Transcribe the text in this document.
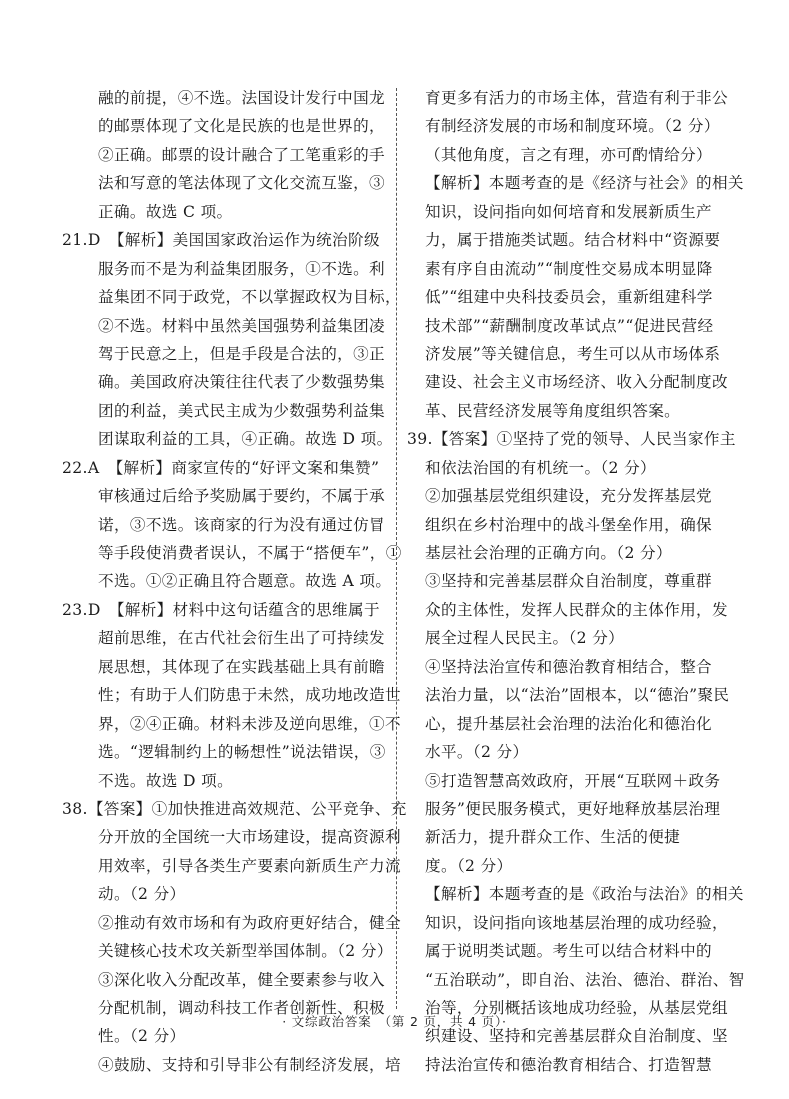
融的前提，④不选。法国设计发行中国龙
的邮票体现了文化是民族的也是世界的，
②正确。邮票的设计融合了工笔重彩的手
法和写意的笔法体现了文化交流互鉴，③
正确。故选 C 项。
21.D　【解析】美国国家政治运作为统治阶级
服务而不是为利益集团服务，①不选。利
益集团不同于政党，不以掌握政权为目标，
②不选。材料中虽然美国强势利益集团凌
驾于民意之上，但是手段是合法的，③正
确。美国政府决策往往代表了少数强势集
团的利益，美式民主成为少数强势利益集
团谋取利益的工具，④正确。故选 D 项。
22.A　【解析】商家宣传的“好评文案和集赞”
审核通过后给予奖励属于要约，不属于承
诺，③不选。该商家的行为没有通过仿冒
等手段使消费者误认，不属于“搭便车”，①
不选。①②正确且符合题意。故选 A 项。
23.D　【解析】材料中这句话蕴含的思维属于
超前思维，在古代社会衍生出了可持续发
展思想，其体现了在实践基础上具有前瞻
性；有助于人们防患于未然，成功地改造世
界，②④正确。材料未涉及逆向思维，①不
选。“逻辑制约上的畅想性”说法错误，③
不选。故选 D 项。
38.【答案】①加快推进高效规范、公平竞争、充
分开放的全国统一大市场建设，提高资源利
用效率，引导各类生产要素向新质生产力流
动。（2 分）
②推动有效市场和有为政府更好结合，健全
关键核心技术攻关新型举国体制。（2 分）
③深化收入分配改革，健全要素参与收入
分配机制，调动科技工作者创新性、积极
性。（2 分）
④鼓励、支持和引导非公有制经济发展，培
育更多有活力的市场主体，营造有利于非公
有制经济发展的市场和制度环境。（2 分）
（其他角度，言之有理，亦可酌情给分）
【解析】本题考查的是《经济与社会》的相关
知识，设问指向如何培育和发展新质生产
力，属于措施类试题。结合材料中“资源要
素有序自由流动”“制度性交易成本明显降
低”“组建中央科技委员会，重新组建科学
技术部”“薪酬制度改革试点”“促进民营经
济发展”等关键信息，考生可以从市场体系
建设、社会主义市场经济、收入分配制度改
革、民营经济发展等角度组织答案。
39.【答案】①坚持了党的领导、人民当家作主
和依法治国的有机统一。（2 分）
②加强基层党组织建设，充分发挥基层党
组织在乡村治理中的战斗堡垒作用，确保
基层社会治理的正确方向。（2 分）
③坚持和完善基层群众自治制度，尊重群
众的主体性，发挥人民群众的主体作用，发
展全过程人民民主。（2 分）
④坚持法治宣传和德治教育相结合，整合
法治力量，以“法治”固根本，以“德治”聚民
心，提升基层社会治理的法治化和德治化
水平。（2 分）
⑤打造智慧高效政府，开展“互联网＋政务
服务”便民服务模式，更好地释放基层治理
新活力，提升群众工作、生活的便捷
度。（2 分）
【解析】本题考查的是《政治与法治》的相关
知识，设问指向该地基层治理的成功经验，
属于说明类试题。考生可以结合材料中的
“五治联动”，即自治、法治、德治、群治、智
治等，分别概括该地成功经验，从基层党组
织建设、坚持和完善基层群众自治制度、坚
持法治宣传和德治教育相结合、打造智慧
· 文综政治答案　（第 2 页，共 4 页）·
